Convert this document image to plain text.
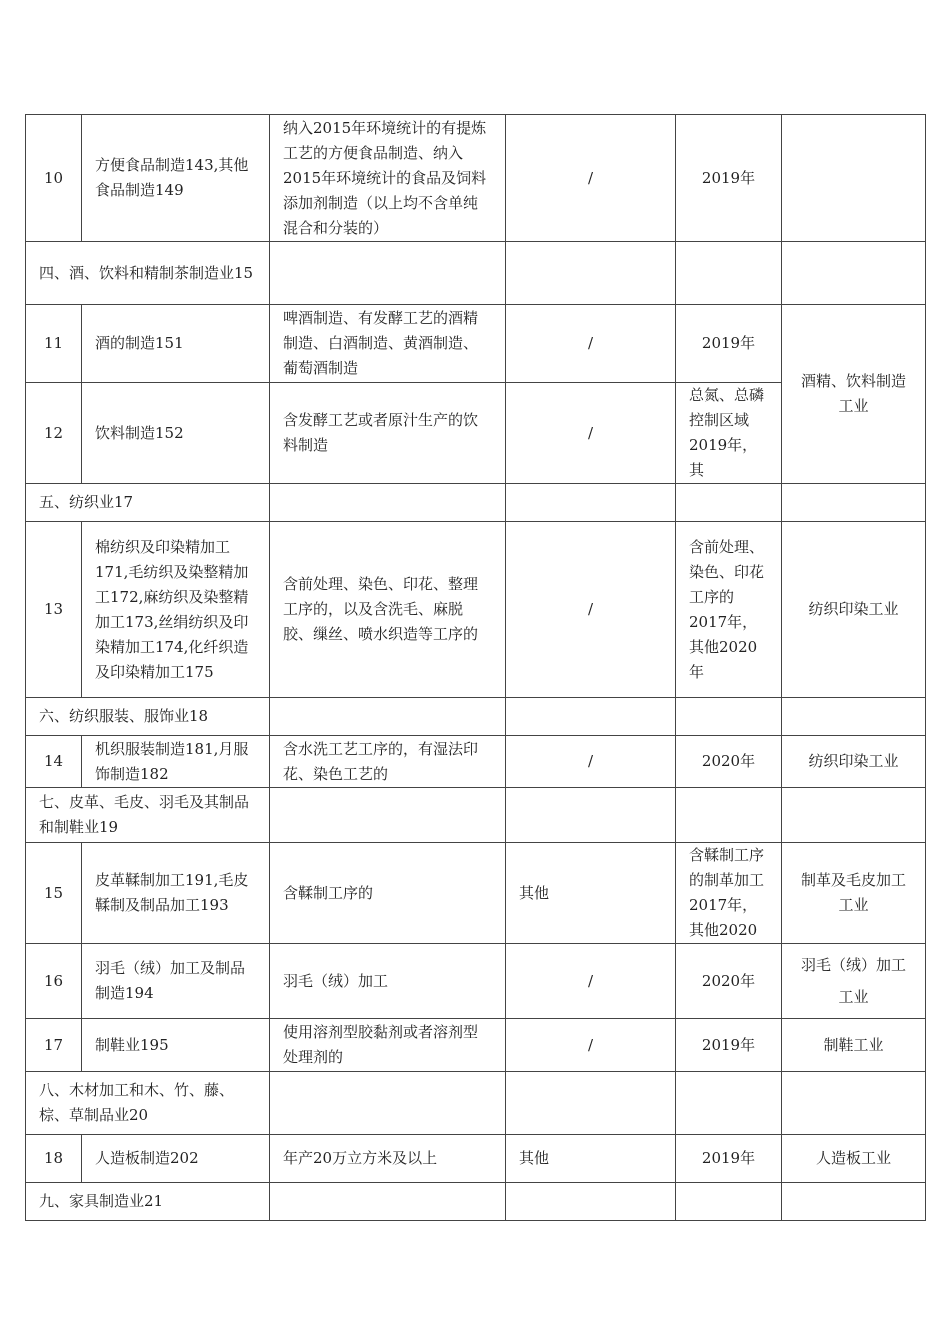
10	方便食品制造143,其他食品制造149	纳入2015年环境统计的有提炼工艺的方便食品制造、纳入2015年环境统计的食品及饲料添加剂制造（以上均不含单纯混合和分装的）	/	2019年	
四、酒、饮料和精制茶制造业15					
11	酒的制造151	啤酒制造、有发酵工艺的酒精制造、白酒制造、黄酒制造、葡萄酒制造	/	2019年	酒精、饮料制造工业
12	饮料制造152	含发酵工艺或者原汁生产的饮料制造	/	总氮、总磷控制区域2019年，其	
五、纺织业17					
13	棉纺织及印染精加工171,毛纺织及染整精加工172,麻纺织及染整精加工173,丝绢纺织及印染精加工174,化纤织造及印染精加工175	含前处理、染色、印花、整理工序的，以及含洗毛、麻脱胶、缫丝、喷水织造等工序的	/	含前处理、染色、印花工序的2017年，其他2020年	纺织印染工业
六、纺织服装、服饰业18					
14	机织服装制造181,月服饰制造182	含水洗工艺工序的，有湿法印花、染色工艺的	/	2020年	纺织印染工业
七、皮革、毛皮、羽毛及其制品和制鞋业19					
15	皮革鞣制加工191,毛皮鞣制及制品加工193	含鞣制工序的	其他	含鞣制工序的制革加工2017年，其他2020	制革及毛皮加工工业
16	羽毛（绒）加工及制品制造194	羽毛（绒）加工	/	2020年	羽毛（绒）加工工业
17	制鞋业195	使用溶剂型胶黏剂或者溶剂型处理剂的	/	2019年	制鞋工业
八、木材加工和木、竹、藤、棕、草制品业20					
18	人造板制造202	年产20万立方米及以上	其他	2019年	人造板工业
九、家具制造业21					
